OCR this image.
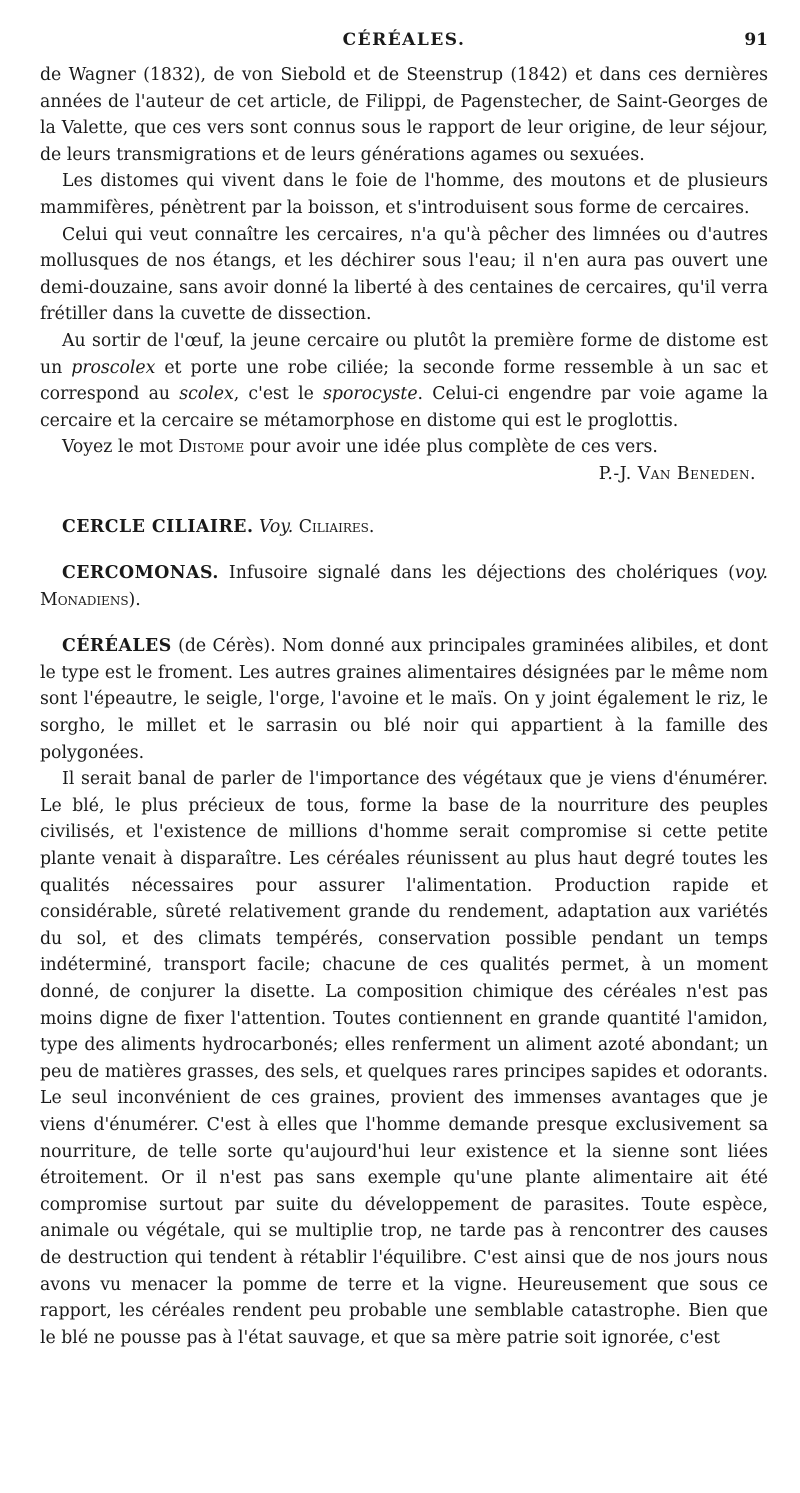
CÉRÉALES.	91

de Wagner (1832), de von Siebold et de Steenstrup (1842) et dans ces dernières années de l'auteur de cet article, de Filippi, de Pagenstecher, de Saint-Georges de la Valette, que ces vers sont connus sous le rapport de leur origine, de leur séjour, de leurs transmigrations et de leurs générations agames ou sexuées.

Les distomes qui vivent dans le foie de l'homme, des moutons et de plusieurs mammifères, pénètrent par la boisson, et s'introduisent sous forme de cercaires.

Celui qui veut connaître les cercaires, n'a qu'à pêcher des limnées ou d'autres mollusques de nos étangs, et les déchirer sous l'eau; il n'en aura pas ouvert une demi-douzaine, sans avoir donné la liberté à des centaines de cercaires, qu'il verra frétiller dans la cuvette de dissection.

Au sortir de l'œuf, la jeune cercaire ou plutôt la première forme de distome est un proscolex et porte une robe ciliée; la seconde forme ressemble à un sac et correspond au scolex, c'est le sporocyste. Celui-ci engendre par voie agame la cercaire et la cercaire se métamorphose en distome qui est le proglottis.

Voyez le mot Distome pour avoir une idée plus complète de ces vers.

P.-J. Van Beneden.

CERCLE CILIAIRE. Voy. Ciliaires.

CERCOMONAS. Infusoire signalé dans les déjections des cholériques (voy. Monadiens).

CÉRÉALES (de Cérès). Nom donné aux principales graminées alibiles, et dont le type est le froment. Les autres graines alimentaires désignées par le même nom sont l'épeautre, le seigle, l'orge, l'avoine et le maïs. On y joint également le riz, le sorgho, le millet et le sarrasin ou blé noir qui appartient à la famille des polygonées.

Il serait banal de parler de l'importance des végétaux que je viens d'énumérer. Le blé, le plus précieux de tous, forme la base de la nourriture des peuples civilisés, et l'existence de millions d'homme serait compromise si cette petite plante venait à disparaître. Les céréales réunissent au plus haut degré toutes les qualités nécessaires pour assurer l'alimentation. Production rapide et considérable, sûreté relativement grande du rendement, adaptation aux variétés du sol, et des climats tempérés, conservation possible pendant un temps indéterminé, transport facile; chacune de ces qualités permet, à un moment donné, de conjurer la disette. La composition chimique des céréales n'est pas moins digne de fixer l'attention. Toutes contiennent en grande quantité l'amidon, type des aliments hydrocarbonés; elles renferment un aliment azoté abondant; un peu de matières grasses, des sels, et quelques rares principes sapides et odorants. Le seul inconvénient de ces graines, provient des immenses avantages que je viens d'énumérer. C'est à elles que l'homme demande presque exclusivement sa nourriture, de telle sorte qu'aujourd'hui leur existence et la sienne sont liées étroitement. Or il n'est pas sans exemple qu'une plante alimentaire ait été compromise surtout par suite du développement de parasites. Toute espèce, animale ou végétale, qui se multiplie trop, ne tarde pas à rencontrer des causes de destruction qui tendent à rétablir l'équilibre. C'est ainsi que de nos jours nous avons vu menacer la pomme de terre et la vigne. Heureusement que sous ce rapport, les céréales rendent peu probable une semblable catastrophe. Bien que le blé ne pousse pas à l'état sauvage, et que sa mère patrie soit ignorée, c'est
